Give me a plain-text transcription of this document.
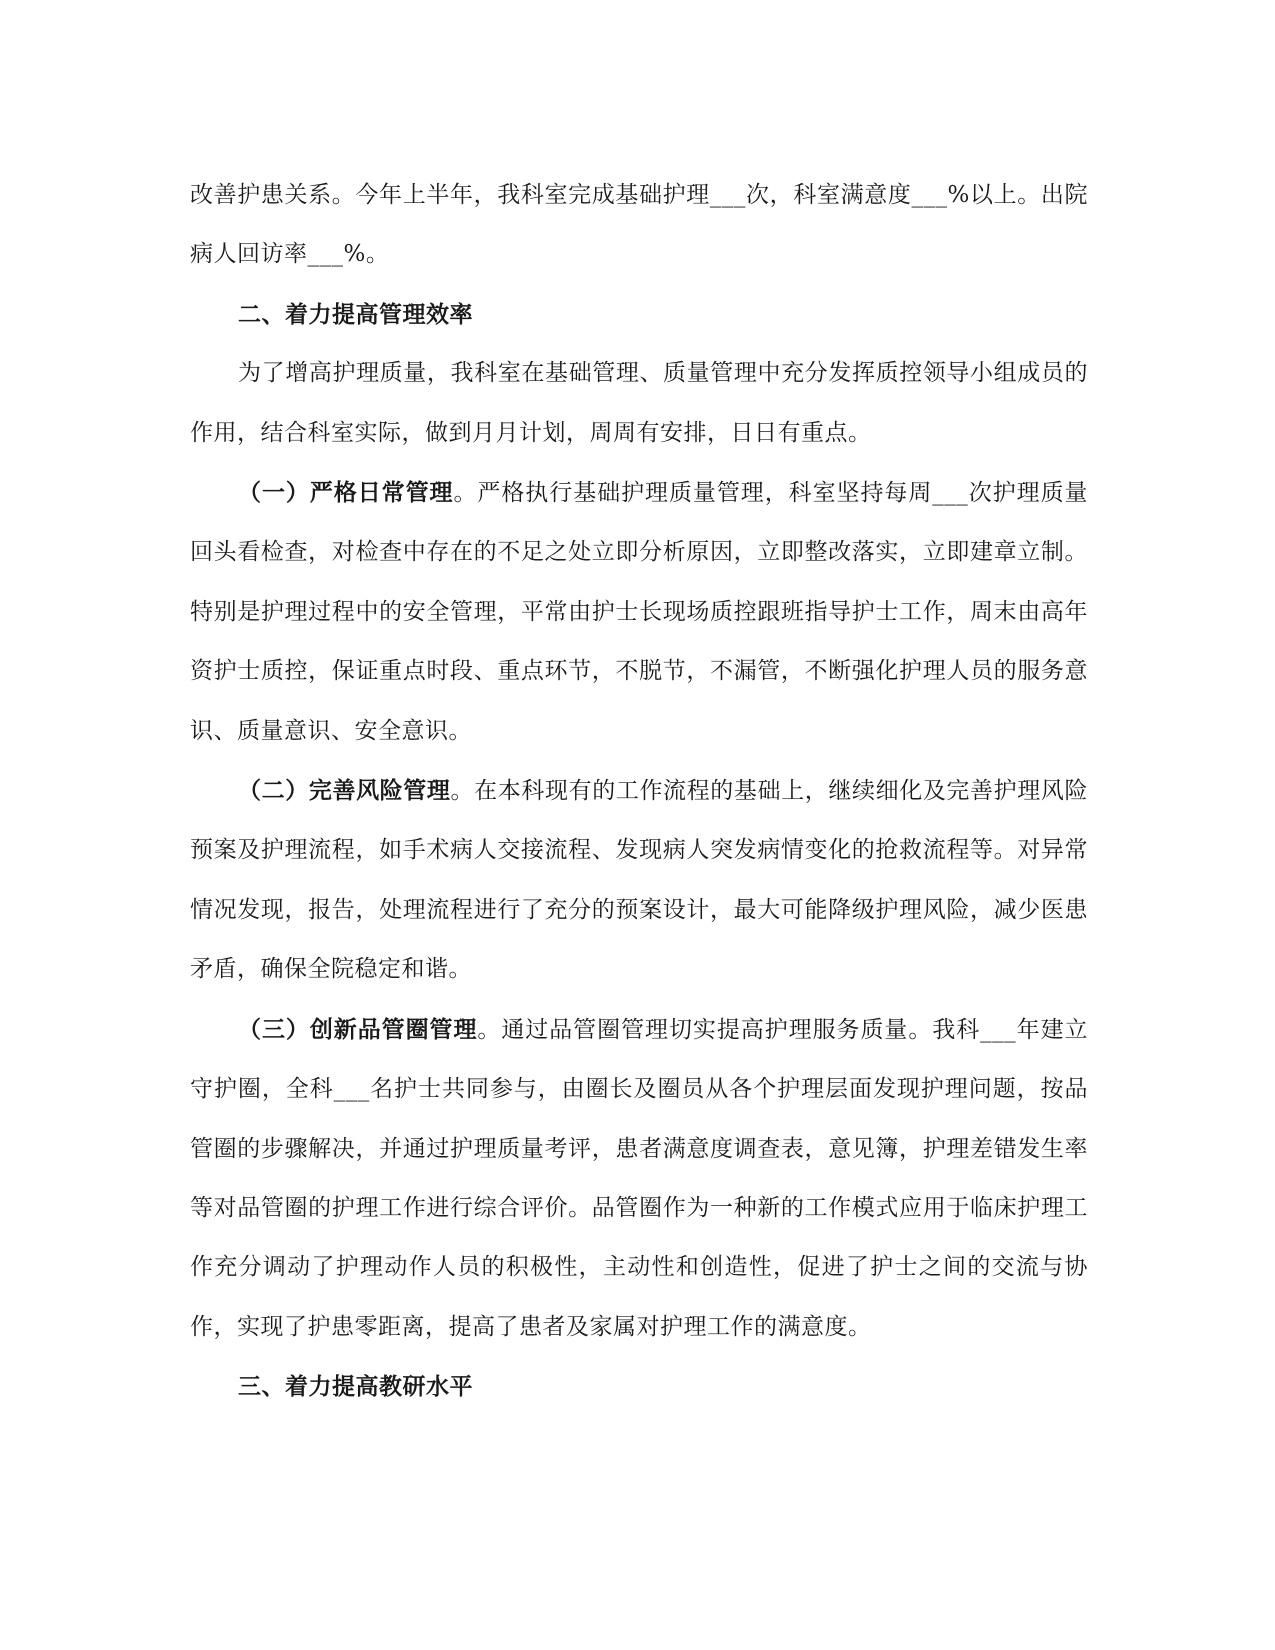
改善护患关系。今年上半年，我科室完成基础护理___次，科室满意度___%以上。出院病人回访率___%。

二、着力提高管理效率

为了增高护理质量，我科室在基础管理、质量管理中充分发挥质控领导小组成员的作用，结合科室实际，做到月月计划，周周有安排，日日有重点。

（一）严格日常管理。严格执行基础护理质量管理，科室坚持每周___次护理质量回头看检查，对检查中存在的不足之处立即分析原因，立即整改落实，立即建章立制。特别是护理过程中的安全管理，平常由护士长现场质控跟班指导护士工作，周末由高年资护士质控，保证重点时段、重点环节，不脱节，不漏管，不断强化护理人员的服务意识、质量意识、安全意识。

（二）完善风险管理。在本科现有的工作流程的基础上，继续细化及完善护理风险预案及护理流程，如手术病人交接流程、发现病人突发病情变化的抢救流程等。对异常情况发现，报告，处理流程进行了充分的预案设计，最大可能降级护理风险，减少医患矛盾，确保全院稳定和谐。

（三）创新品管圈管理。通过品管圈管理切实提高护理服务质量。我科___年建立守护圈，全科___名护士共同参与，由圈长及圈员从各个护理层面发现护理问题，按品管圈的步骤解决，并通过护理质量考评，患者满意度调查表，意见簿，护理差错发生率等对品管圈的护理工作进行综合评价。品管圈作为一种新的工作模式应用于临床护理工作充分调动了护理动作人员的积极性，主动性和创造性，促进了护士之间的交流与协作，实现了护患零距离，提高了患者及家属对护理工作的满意度。

三、着力提高教研水平
